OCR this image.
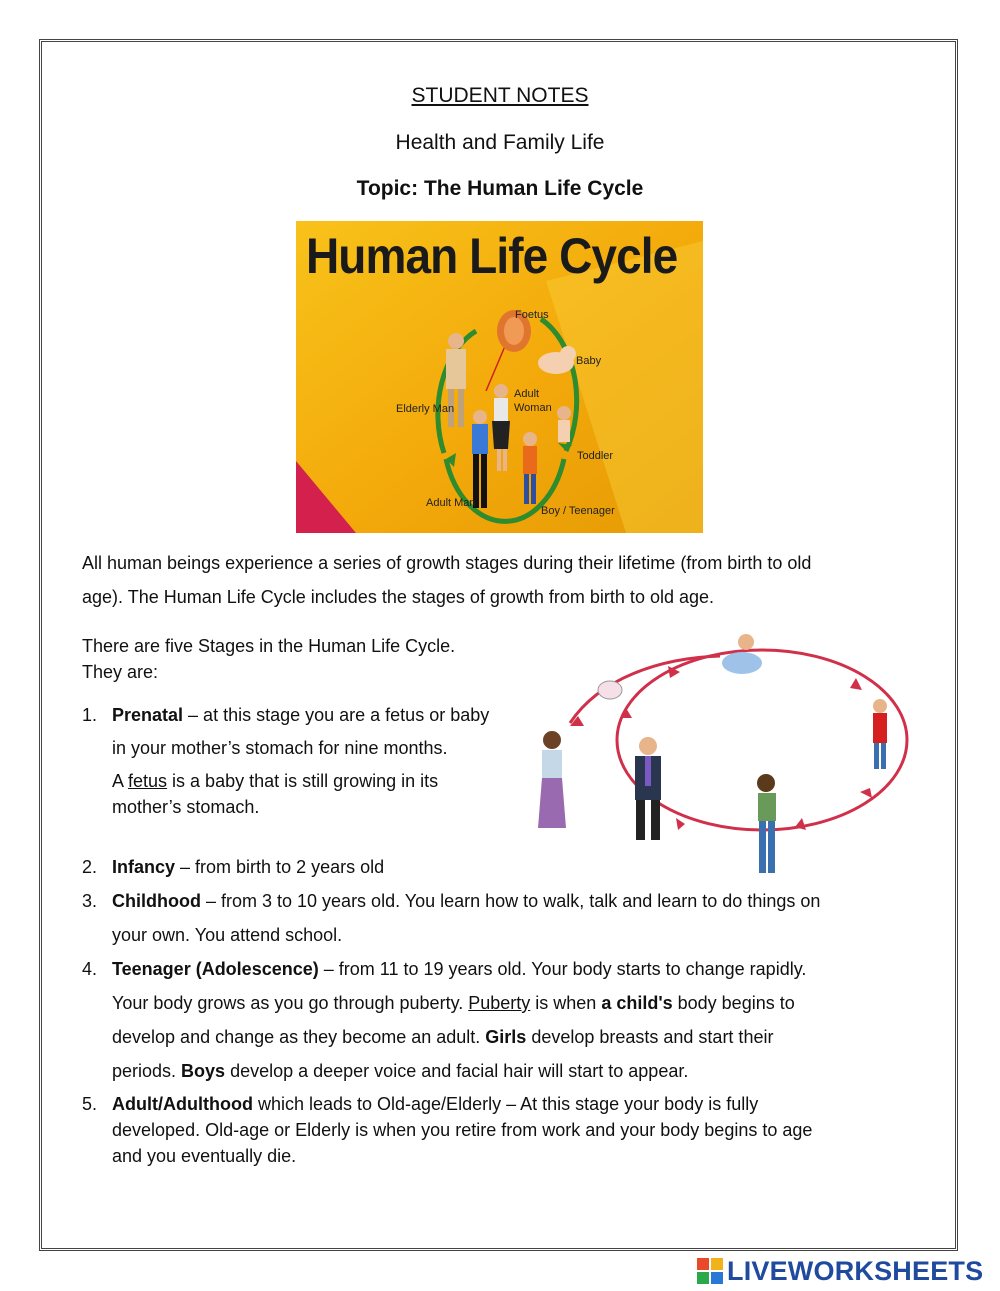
STUDENT NOTES
Health and Family Life
Topic: The Human Life Cycle
Human Life Cycle
Foetus
Baby
Adult
Woman
Elderly Man
Toddler
Adult Man
Boy / Teenager
All human beings experience a series of growth stages during their lifetime (from birth to old
age). The Human Life Cycle includes the stages of growth from birth to old age.
There are five Stages in the Human Life Cycle.
They are:
1. Prenatal – at this stage you are a fetus or baby
in your mother’s stomach for nine months.
A fetus is a baby that is still growing in its
mother’s stomach.
2. Infancy – from birth to 2 years old
3. Childhood – from 3 to 10 years old. You learn how to walk, talk and learn to do things on
your own. You attend school.
4. Teenager (Adolescence) – from 11 to 19 years old. Your body starts to change rapidly.
Your body grows as you go through puberty. Puberty is when a child's body begins to
develop and change as they become an adult. Girls develop breasts and start their
periods. Boys develop a deeper voice and facial hair will start to appear.
5. Adult/Adulthood which leads to Old-age/Elderly – At this stage your body is fully
developed. Old-age or Elderly is when you retire from work and your body begins to age
and you eventually die.
LIVEWORKSHEETS
